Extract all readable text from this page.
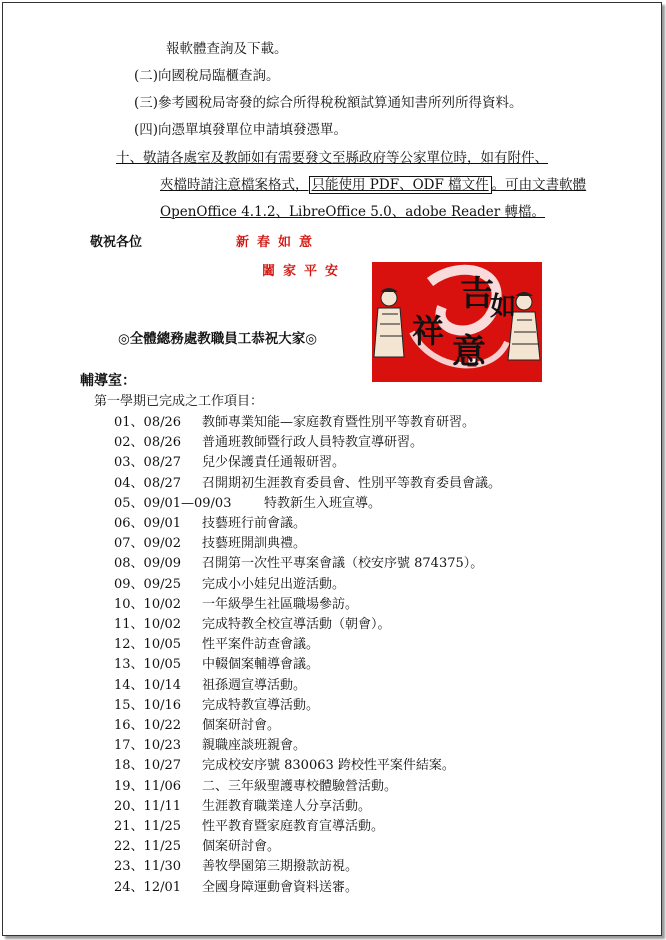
報軟體查詢及下載。
(二)向國稅局臨櫃查詢。
(三)參考國稅局寄發的綜合所得稅稅額試算通知書所列所得資料。
(四)向憑單填發單位申請填發憑單。
十、敬請各處室及教師如有需要發文至縣政府等公家單位時，如有附件、
夾檔時請注意檔案格式， 只能使用 PDF、ODF 檔文件 。可由文書軟體
OpenOffice 4.1.2、LibreOffice 5.0、adobe Reader 轉檔。
敬祝各位	新春如意
闔家平安
◎全體總務處教職員工恭祝大家◎
吉
祥
如
意
輔導室：
第一學期已完成之工作項目：
01、08/26 教師專業知能—家庭教育暨性別平等教育研習。
02、08/26 普通班教師暨行政人員特教宣導研習。
03、08/27 兒少保護責任通報研習。
04、08/27 召開期初生涯教育委員會、性別平等教育委員會議。
05、09/01—09/03	特教新生入班宣導。
06、09/01 技藝班行前會議。
07、09/02 技藝班開訓典禮。
08、09/09 召開第一次性平專案會議（校安序號 874375）。
09、09/25 完成小小娃兒出遊活動。
10、10/02 一年級學生社區職場參訪。
11、10/02 完成特教全校宣導活動（朝會）。
12、10/05 性平案件訪查會議。
13、10/05 中輟個案輔導會議。
14、10/14 祖孫週宣導活動。
15、10/16 完成特教宣導活動。
16、10/22 個案研討會。
17、10/23 親職座談班親會。
18、10/27 完成校安序號 830063 跨校性平案件結案。
19、11/06 二、三年級聖護專校體驗營活動。
20、11/11 生涯教育職業達人分享活動。
21、11/25 性平教育暨家庭教育宣導活動。
22、11/25 個案研討會。
23、11/30 善牧學園第三期撥款訪視。
24、12/01 全國身障運動會資料送審。
